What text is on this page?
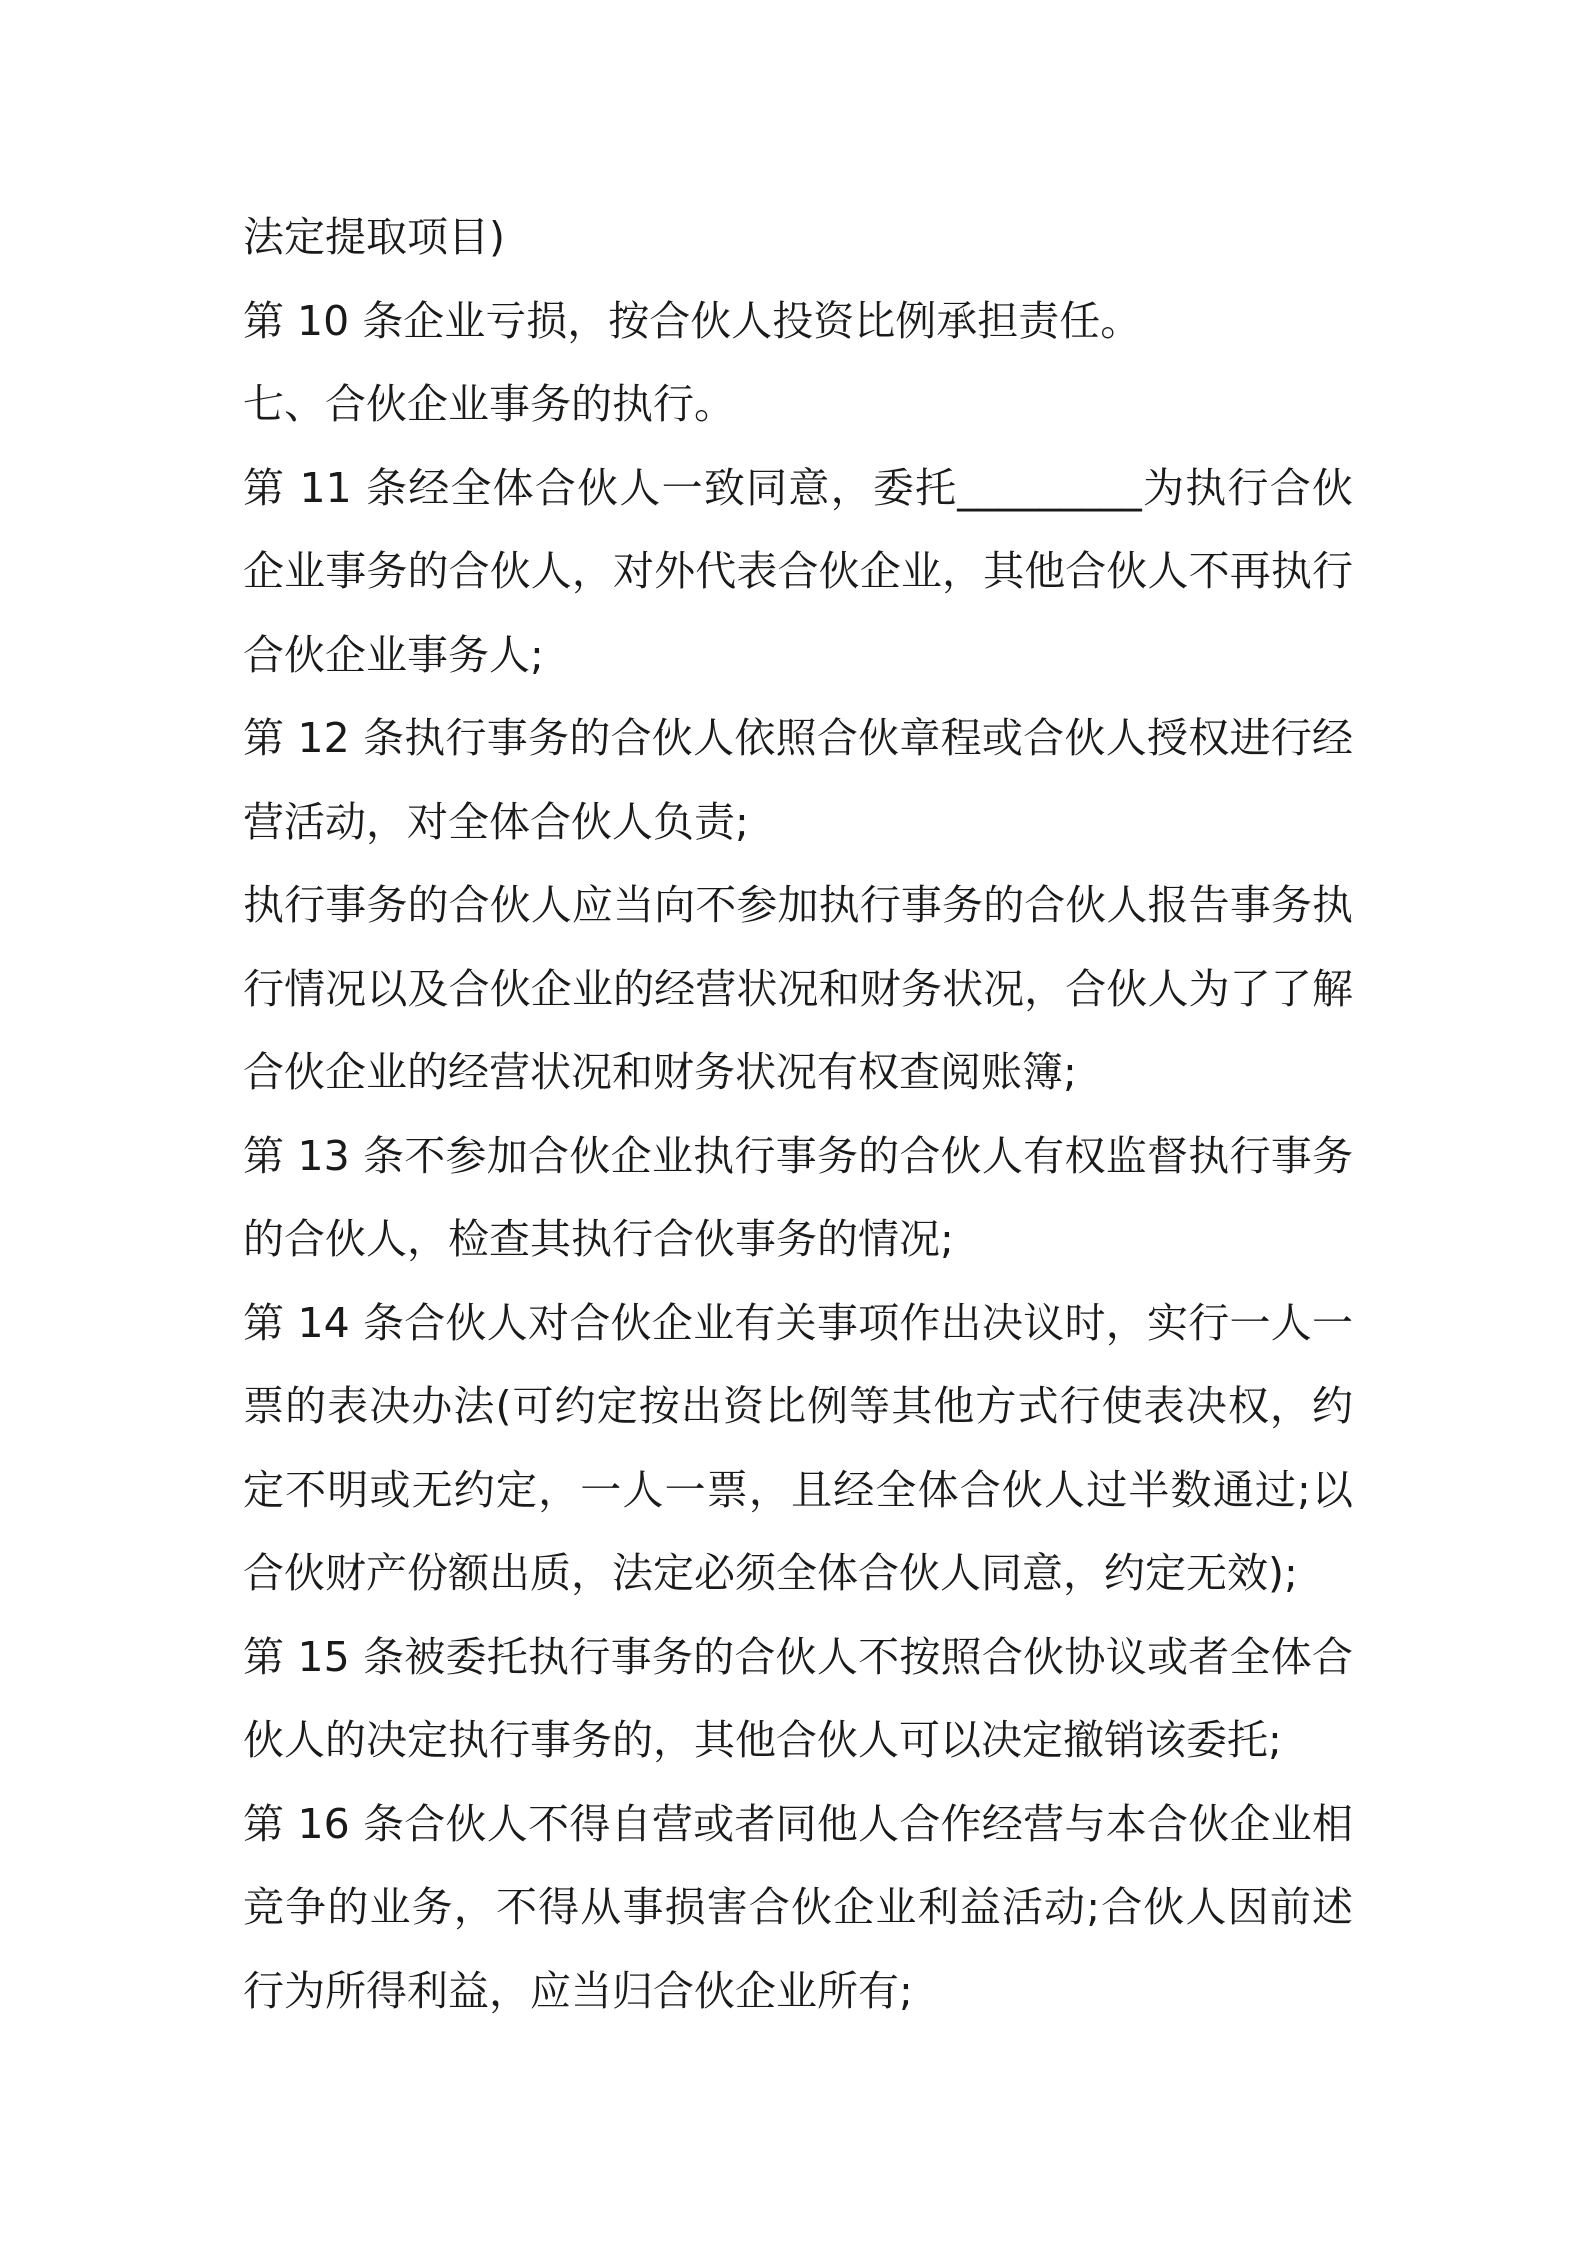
法定提取项目)

第 10 条企业亏损，按合伙人投资比例承担责任。

七、合伙企业事务的执行。

第 11 条经全体合伙人一致同意，委托_________为执行合伙企业事务的合伙人，对外代表合伙企业，其他合伙人不再执行合伙企业事务人;

第 12 条执行事务的合伙人依照合伙章程或合伙人授权进行经营活动，对全体合伙人负责;

执行事务的合伙人应当向不参加执行事务的合伙人报告事务执行情况以及合伙企业的经营状况和财务状况，合伙人为了了解合伙企业的经营状况和财务状况有权查阅账簿;

第 13 条不参加合伙企业执行事务的合伙人有权监督执行事务的合伙人，检查其执行合伙事务的情况;

第 14 条合伙人对合伙企业有关事项作出决议时，实行一人一票的表决办法(可约定按出资比例等其他方式行使表决权，约定不明或无约定，一人一票，且经全体合伙人过半数通过;以合伙财产份额出质，法定必须全体合伙人同意，约定无效);

第 15 条被委托执行事务的合伙人不按照合伙协议或者全体合伙人的决定执行事务的，其他合伙人可以决定撤销该委托;

第 16 条合伙人不得自营或者同他人合作经营与本合伙企业相竞争的业务，不得从事损害合伙企业利益活动;合伙人因前述行为所得利益，应当归合伙企业所有;
